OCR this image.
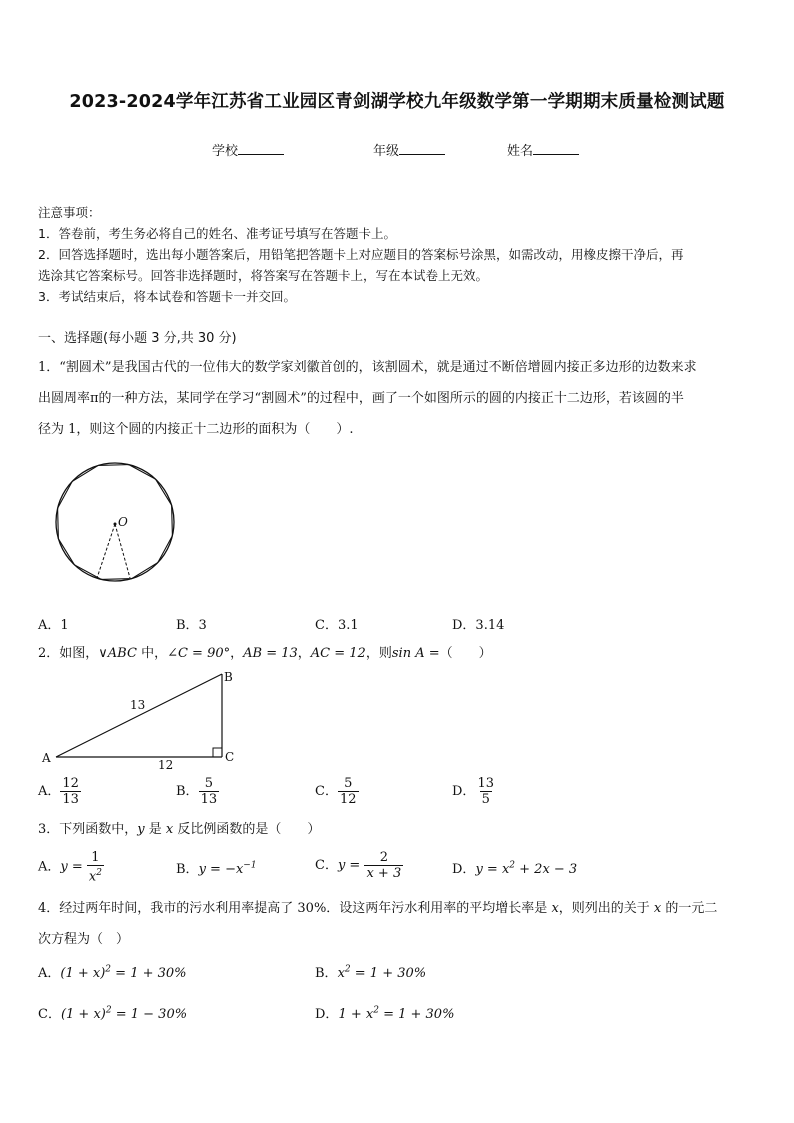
2023-2024学年江苏省工业园区青剑湖学校九年级数学第一学期期末质量检测试题
学校	年级	姓名
注意事项：
1．答卷前，考生务必将自己的姓名、准考证号填写在答题卡上。
2．回答选择题时，选出每小题答案后，用铅笔把答题卡上对应题目的答案标号涂黑，如需改动，用橡皮擦干净后，再
选涂其它答案标号。回答非选择题时，将答案写在答题卡上，写在本试卷上无效。
3．考试结束后，将本试卷和答题卡一并交回。
一、选择题(每小题 3 分,共 30 分)
1．“割圆术”是我国古代的一位伟大的数学家刘徽首创的，该割圆术，就是通过不断倍增圆内接正多边形的边数来求
出圆周率π的一种方法，某同学在学习“割圆术”的过程中，画了一个如图所示的圆的内接正十二边形，若该圆的半
径为 1，则这个圆的内接正十二边形的面积为（　　）.
O
A．1	B．3	C．3.1	D．3.14
2．如图，∨ABC 中，∠C = 90°，AB = 13，AC = 12，则sin A =（　　）
A
B
C
13
12
A． $\frac{12}{13}$	B． $\frac{5}{13}$	C． $\frac{5}{12}$	D． $\frac{13}{5}$
3．下列函数中，y 是 x 反比例函数的是（　　）
A．$y = \frac{1}{x^2}$	B．$y = -x^{-1}$	C．$y = \frac{2}{x + 3}$	D．$y = x^2 + 2x - 3$
4．经过两年时间，我市的污水利用率提高了 30%．设这两年污水利用率的平均增长率是 x，则列出的关于 x 的一元二
次方程为（　）
A．$(1 + x)^2 = 1 + 30\%$	B．$x^2 = 1 + 30\%$
C．$(1 + x)^2 = 1 - 30\%$	D．$1 + x^2 = 1 + 30\%$
